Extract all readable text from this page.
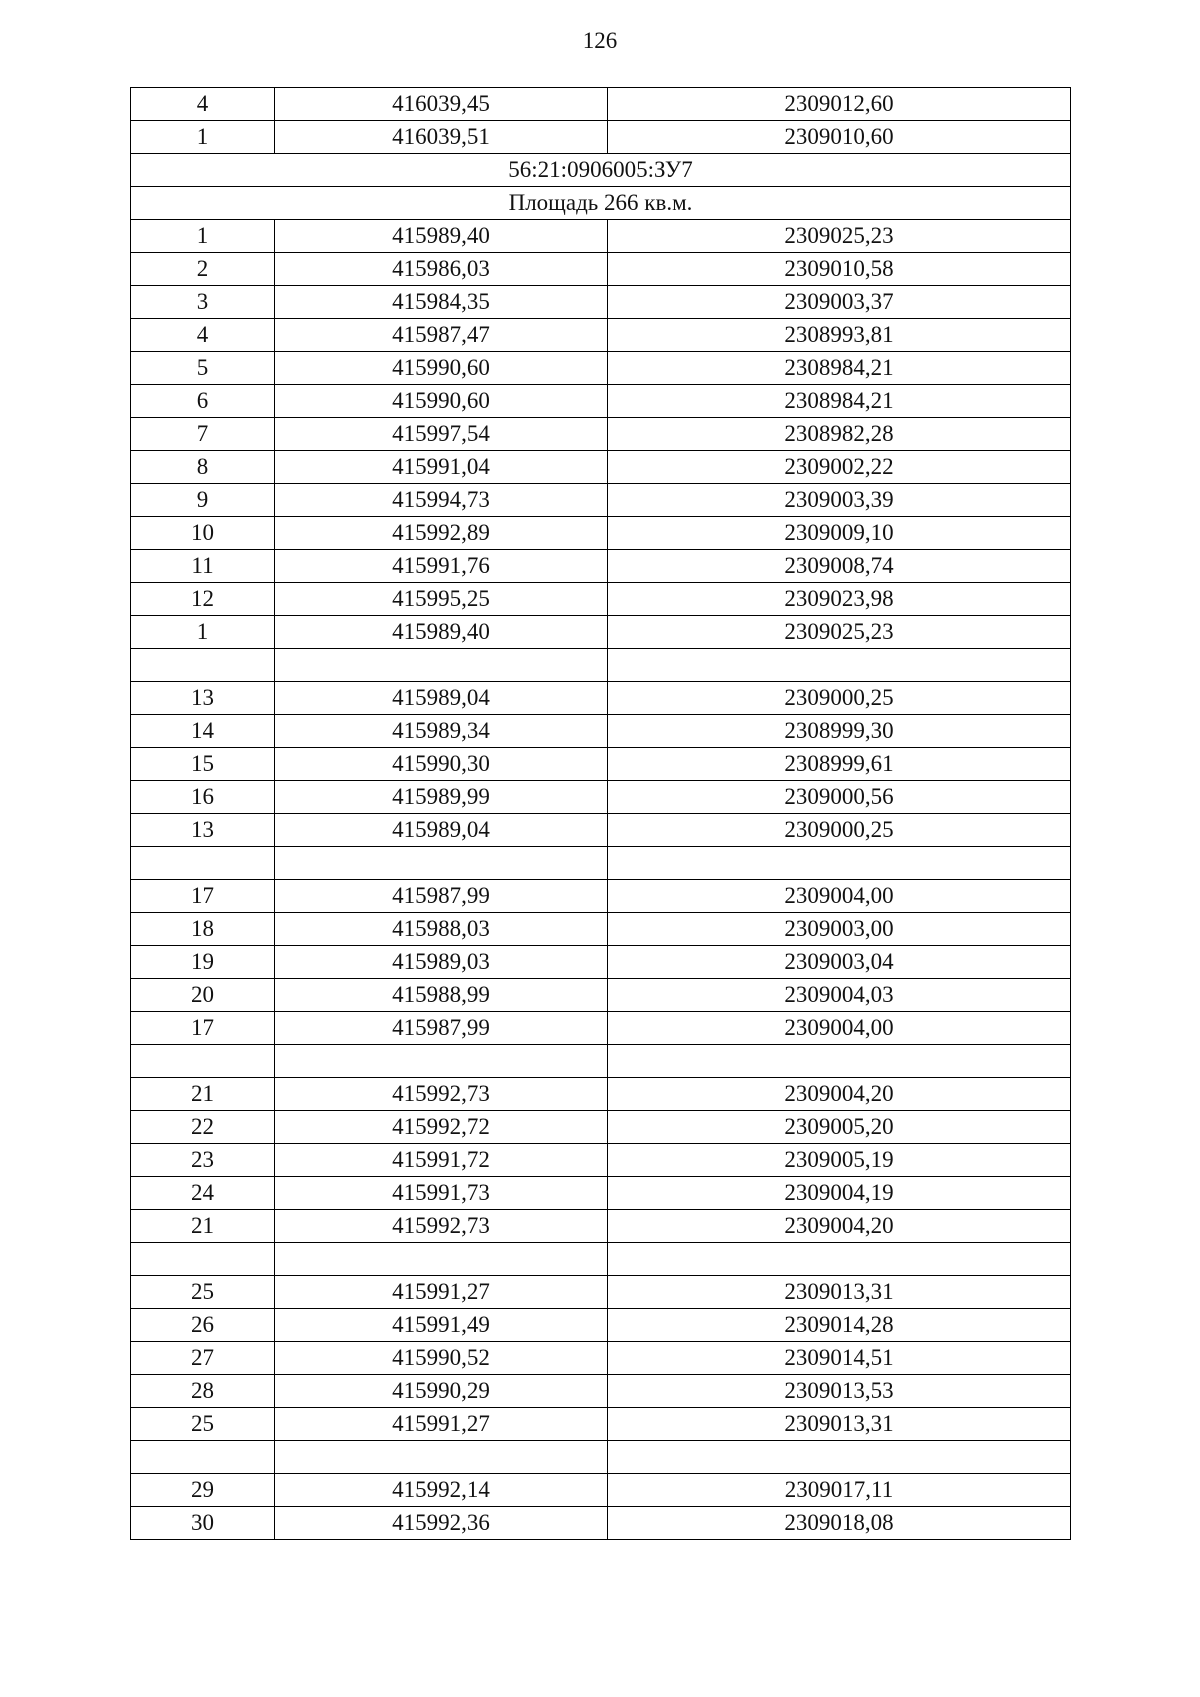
126
4	416039,45	2309012,60
1	416039,51	2309010,60
56:21:0906005:ЗУ7		
Площадь 266 кв.м.		
1	415989,40	2309025,23
2	415986,03	2309010,58
3	415984,35	2309003,37
4	415987,47	2308993,81
5	415990,60	2308984,21
6	415990,60	2308984,21
7	415997,54	2308982,28
8	415991,04	2309002,22
9	415994,73	2309003,39
10	415992,89	2309009,10
11	415991,76	2309008,74
12	415995,25	2309023,98
1	415989,40	2309025,23

13	415989,04	2309000,25
14	415989,34	2308999,30
15	415990,30	2308999,61
16	415989,99	2309000,56
13	415989,04	2309000,25

17	415987,99	2309004,00
18	415988,03	2309003,00
19	415989,03	2309003,04
20	415988,99	2309004,03
17	415987,99	2309004,00

21	415992,73	2309004,20
22	415992,72	2309005,20
23	415991,72	2309005,19
24	415991,73	2309004,19
21	415992,73	2309004,20

25	415991,27	2309013,31
26	415991,49	2309014,28
27	415990,52	2309014,51
28	415990,29	2309013,53
25	415991,27	2309013,31

29	415992,14	2309017,11
30	415992,36	2309018,08
